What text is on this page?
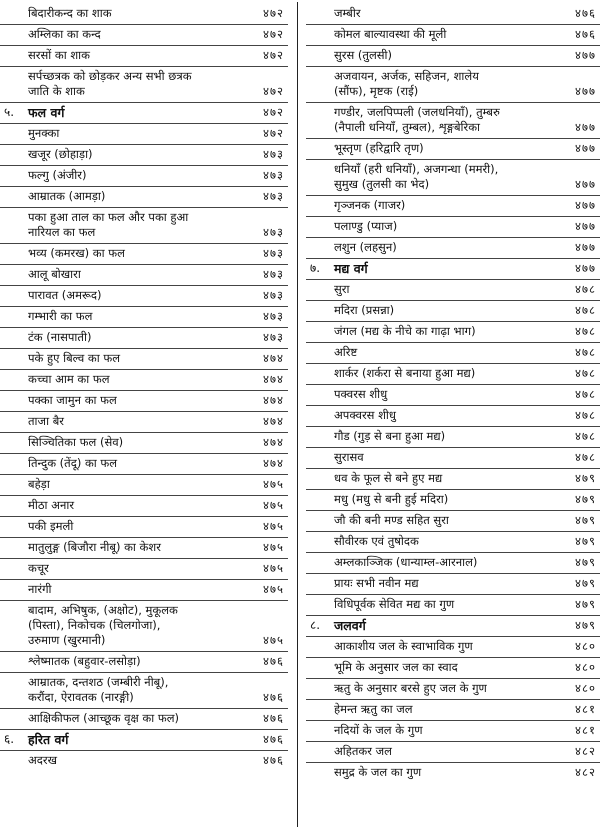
बिदारीकन्द का शाक	४७२
अम्लिका का कन्द	४७२
सरसों का शाक	४७२
सर्पच्छत्रक को छोड़कर अन्य सभी छत्रक
जाति के शाक	४७२
५. फल वर्ग	४७२
मुनक्का	४७२
खजूर (छोहाड़ा)	४७३
फल्गु (अंजीर)	४७३
आम्रातक (आमड़ा)	४७३
पका हुआ ताल का फल और पका हुआ
नारियल का फल	४७३
भव्य (कमरख) का फल	४७३
आलू बोखारा	४७३
पारावत (अमरूद)	४७३
गम्भारी का फल	४७३
टंक (नासपाती)	४७३
पके हुए बिल्व का फल	४७४
कच्चा आम का फल	४७४
पक्का जामुन का फल	४७४
ताजा बैर	४७४
सिञ्चितिका फल (सेव)	४७४
तिन्दुक (तेंदू) का फल	४७४
बहेड़ा	४७५
मीठा अनार	४७५
पकी इमली	४७५
मातुलुङ्ग (बिजौरा नीबू) का केशर	४७५
कचूर	४७५
नारंगी	४७५
बादाम, अभिषुक, (अक्षोट), मुकूलक
(पिस्ता), निकोचक (चिलगोजा),
उरुमाण (खुरमानी)	४७५
श्लेष्मातक (बहुवार-लसोड़ा)	४७६
आम्रातक, दन्तशठ (जम्बीरी नीबू),
करौंदा, ऐरावतक (नारङ्गी)	४७६
आक्षिकीफल (आच्छूक वृक्ष का फल)	४७६
६. हरित वर्ग	४७६
अदरख	४७६
जम्बीर	४७६
कोमल बाल्यावस्था की मूली	४७६
सुरस (तुलसी)	४७७
अजवायन, अर्जक, सहिजन, शालेय
(सौंफ), मृष्टक (राई)	४७७
गण्डीर, जलपिप्पली (जलधनियाँ), तुम्बरु
(नैपाली धनियाँ, तुम्बल), शृङ्गबेरिका	४७७
भूस्तृण (हरिद्वारि तृण)	४७७
धनियाँ (हरी धनियाँ), अजगन्धा (ममरी),
सुमुख (तुलसी का भेद)	४७७
गृञ्जनक (गाजर)	४७७
पलाण्डु (प्याज)	४७७
लशुन (लहसुन)	४७७
७. मद्य वर्ग	४७७
सुरा	४७८
मदिरा (प्रसन्ना)	४७८
जंगल (मद्य के नीचे का गाढ़ा भाग)	४७८
अरिष्ट	४७८
शार्कर (शर्करा से बनाया हुआ मद्य)	४७८
पक्वरस शीधु	४७८
अपक्वरस शीधु	४७८
गौड (गुड़ से बना हुआ मद्य)	४७८
सुरासव	४७८
धव के फूल से बने हुए मद्य	४७९
मधु (मधु से बनी हुई मदिरा)	४७९
जौ की बनी मण्ड सहित सुरा	४७९
सौवीरक एवं तुषोदक	४७९
अम्लकाञ्जिक (धान्याम्ल-आरनाल)	४७९
प्रायः सभी नवीन मद्य	४७९
विधिपूर्वक सेवित मद्य का गुण	४७९
८. जलवर्ग	४७९
आकाशीय जल के स्वाभाविक गुण	४८०
भूमि के अनुसार जल का स्वाद	४८०
ऋतु के अनुसार बरसे हुए जल के गुण	४८०
हेमन्त ऋतु का जल	४८१
नदियों के जल के गुण	४८१
अहितकर जल	४८२
समुद्र के जल का गुण	४८२
